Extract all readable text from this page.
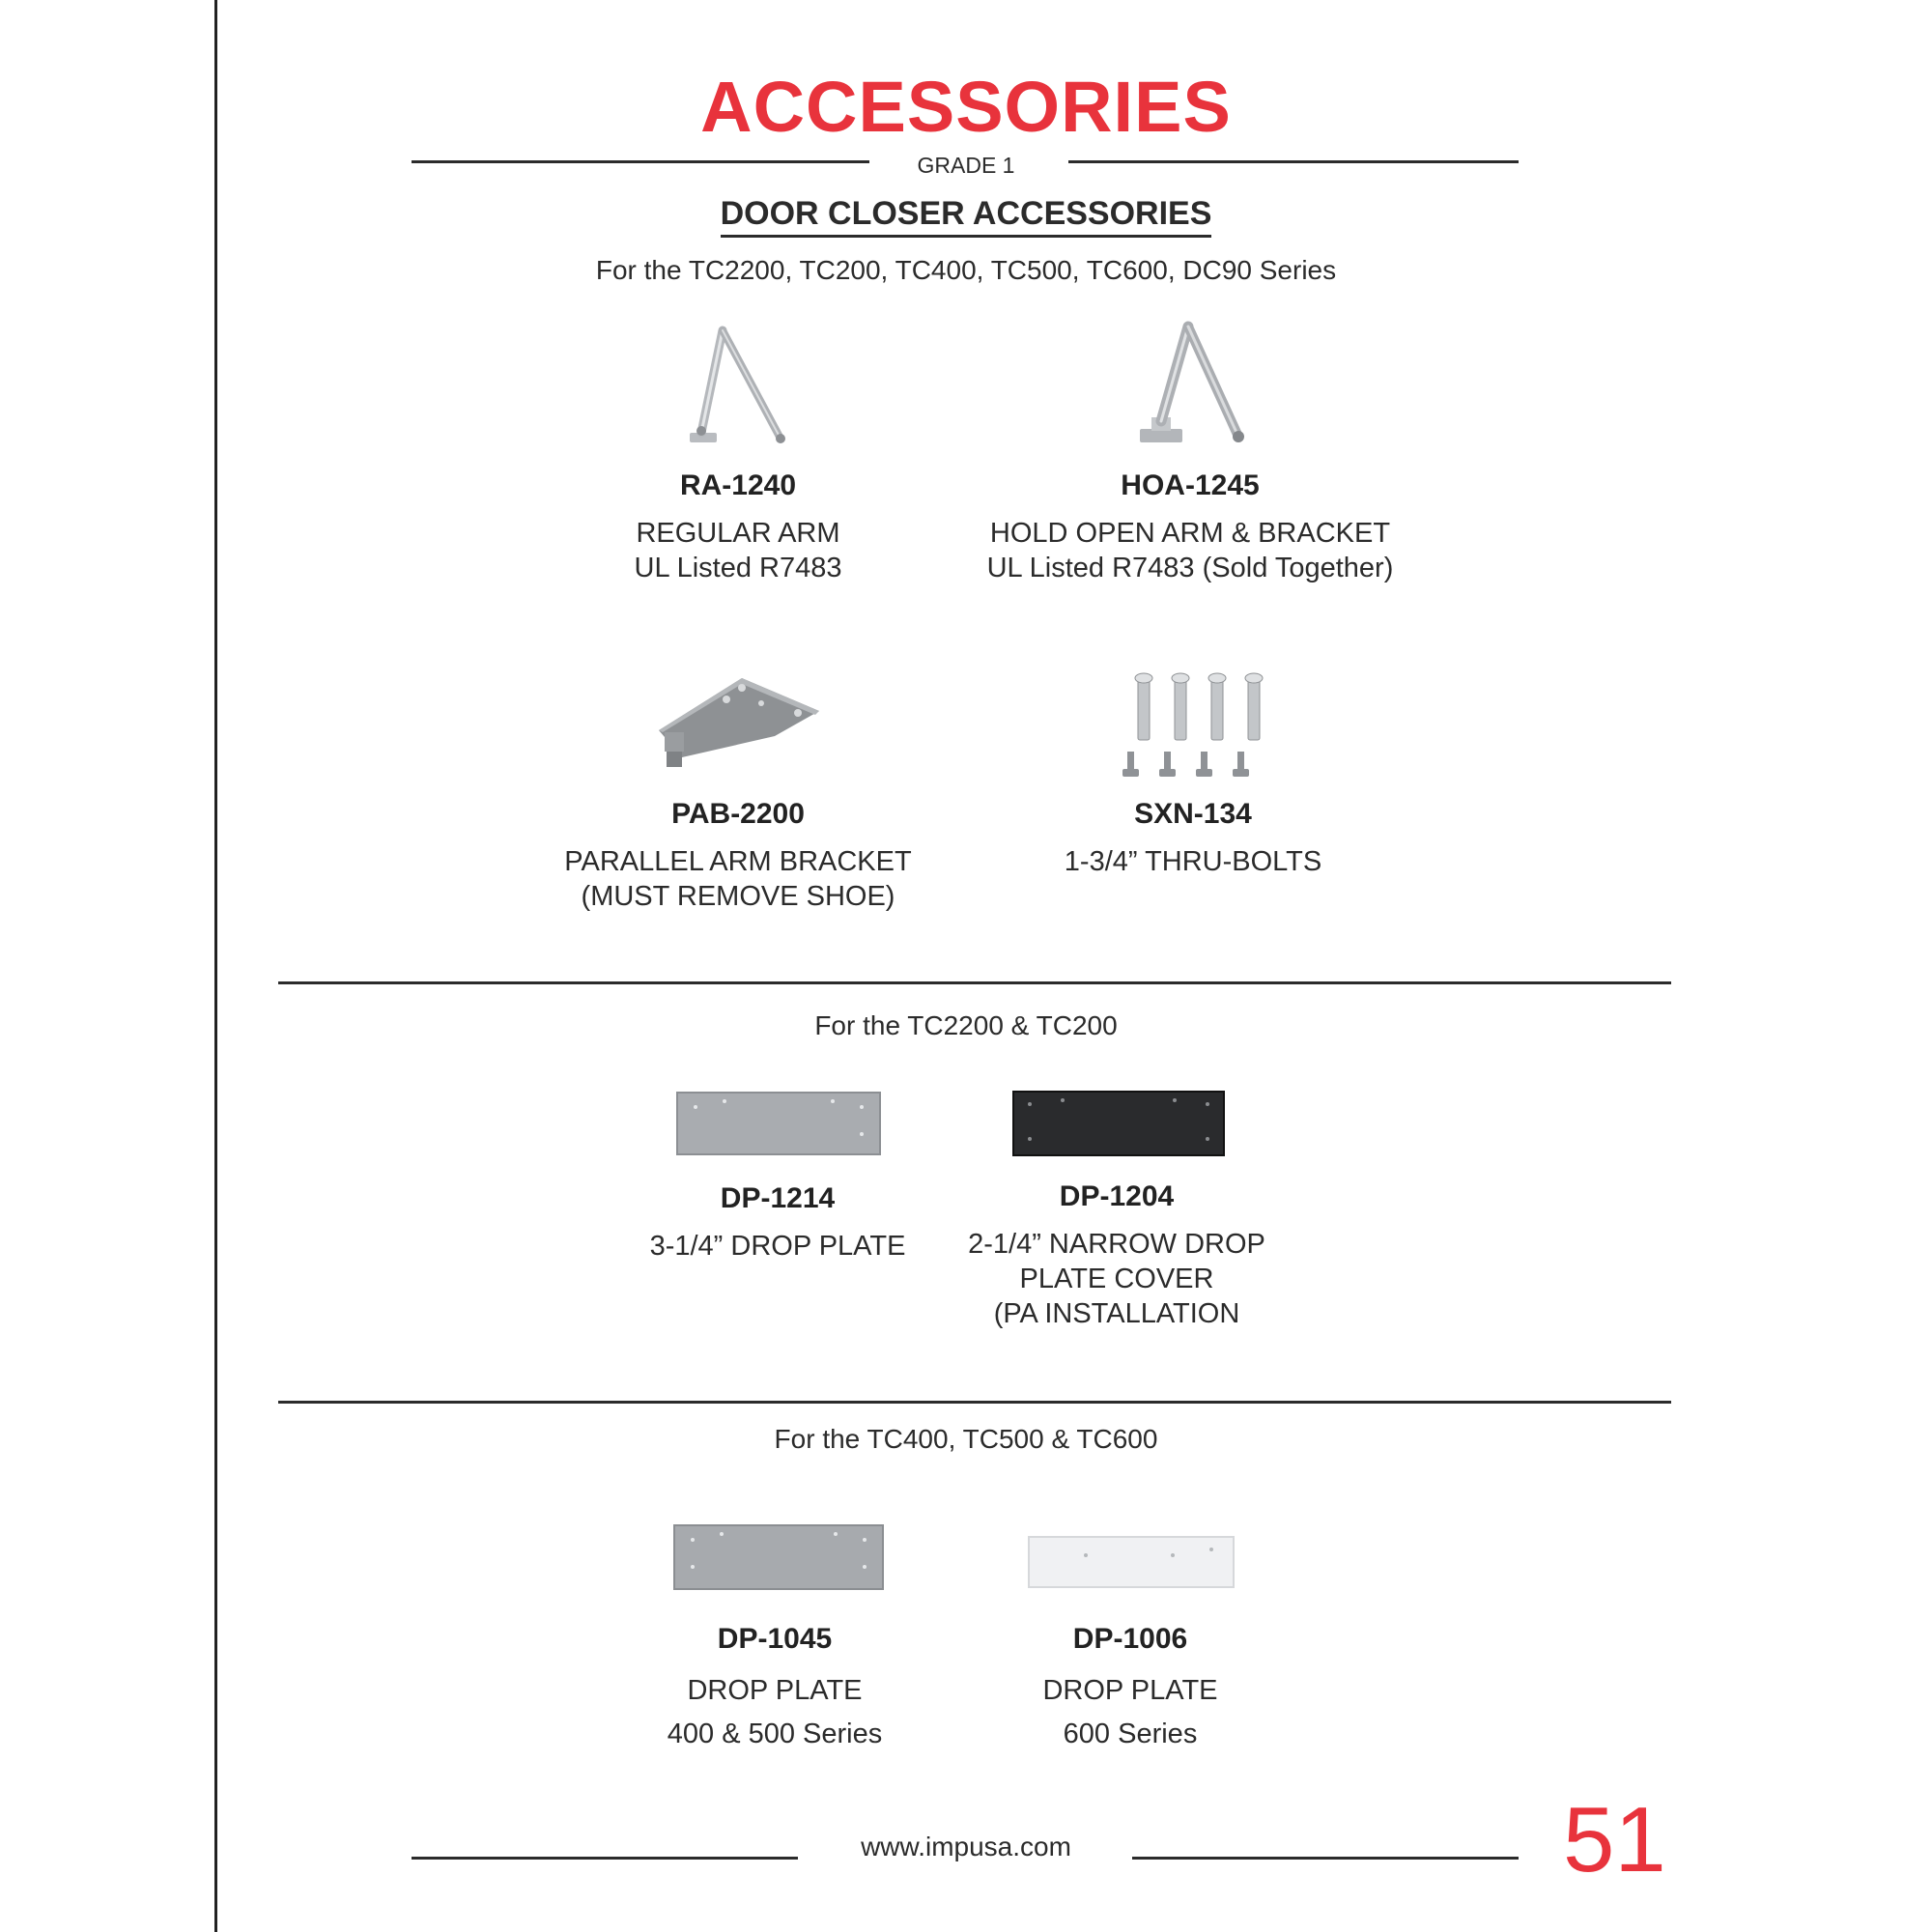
ACCESSORIES
GRADE 1
DOOR CLOSER ACCESSORIES
For the TC2200, TC200, TC400, TC500, TC600, DC90 Series
RA-1240
REGULAR ARM
UL Listed R7483
HOA-1245
HOLD OPEN ARM & BRACKET
UL Listed R7483 (Sold Together)
PAB-2200
PARALLEL ARM BRACKET
(MUST REMOVE SHOE)
SXN-134
1-3/4” THRU-BOLTS
For the TC2200 & TC200
DP-1214
3-1/4” DROP PLATE
DP-1204
2-1/4” NARROW DROP
PLATE COVER
(PA INSTALLATION
For the TC400, TC500 & TC600
DP-1045
DROP PLATE
400 & 500 Series
DP-1006
DROP PLATE
600 Series
www.impusa.com	51
